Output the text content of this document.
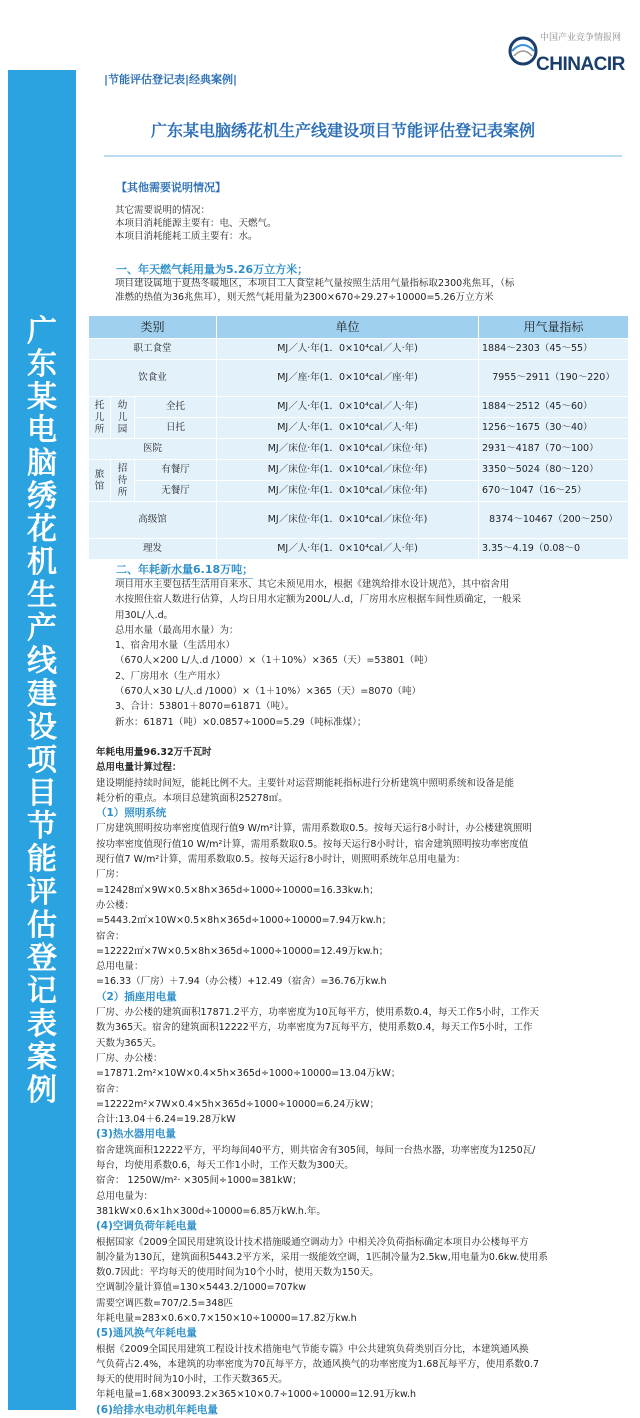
广
东
某
电
脑
绣
花
机
生
产
线
建
设
项
目
节
能
评
估
登
记
表
案
例
中国产业竞争情报网
CHINACIR
|节能评估登记表|经典案例|
广东某电脑绣花机生产线建设项目节能评估登记表案例
【其他需要说明情况】
其它需要说明的情况：
本项目消耗能源主要有：电、天燃气。
本项目消耗能耗工质主要有：水。
一、年天燃气耗用量为5.26万立方米；
项目建设属地于夏热冬暖地区，本项目工人食堂耗气量按照生活用气量指标取2300兆焦耳，（标
准燃的热值为36兆焦耳），则天然气耗用量为2300×670÷29.27÷10000=5.26万立方米
类别			单位	用气量指标
职工食堂			MJ／人·年(1．0×10⁴cal／人·年)	1884～2303（45～55）
饮食业			MJ／座·年(1．0×10⁴cal／座·年)	7955～2911（190～220）
托儿所	幼儿园	全托	MJ／人·年(1．0×10⁴cal／人·年)	1884～2512（45～60）
		日托	MJ／人·年(1．0×10⁴cal／人·年)	1256～1675（30～40）
医院			MJ／床位·年(1．0×10⁴cal／床位·年)	2931～4187（70～100）
旅馆	招待所	有餐厅	MJ／床位·年(1．0×10⁴cal／床位·年)	3350～5024（80～120）
		无餐厅	MJ／床位·年(1．0×10⁴cal／床位·年)	670～1047（16～25）
高级馆			MJ／床位·年(1．0×10⁴cal／床位·年)	8374～10467（200～250）
理发			MJ／人·年(1．0×10⁴cal／人·年)	3.35～4.19（0.08～0
二、年耗新水量6.18万吨；
项目用水主要包括生活用自来水、其它未预见用水，根据《建筑给排水设计规范》，其中宿舍用
水按照住宿人数进行估算，人均日用水定额为200L/人.d，厂房用水应根据车间性质确定，一般采
用30L/人.d。
总用水量（最高用水量）为：
1、宿舍用水量（生活用水）
（670人×200 L/人.d /1000）×（1＋10%）×365（天）=53801（吨）
2、厂房用水（生产用水）
（670人×30 L/人.d /1000）×（1＋10%）×365（天）=8070（吨）
3、合计：53801＋8070=61871（吨）。
新水：61871（吨）×0.0857÷1000=5.29（吨标准煤）；
年耗电用量96.32万千瓦时
总用电量计算过程：
建设期能持续时间短，能耗比例不大。主要针对运营期能耗指标进行分析建筑中照明系统和设备是能
耗分析的重点。本项目总建筑面积25278㎡。
（1）照明系统
厂房建筑照明按功率密度值现行值9 W/m²计算，需用系数取0.5。按每天运行8小时计，办公楼建筑照明
按功率密度值现行值10 W/m²计算，需用系数取0.5。按每天运行8小时计，宿舍建筑照明按功率密度值
现行值7 W/m²计算，需用系数取0.5。按每天运行8小时计，则照明系统年总用电量为：
厂房：
=12428㎡×9W×0.5×8h×365d÷1000÷10000=16.33kw.h；
办公楼：
=5443.2㎡×10W×0.5×8h×365d÷1000÷10000=7.94万kw.h；
宿舍：
=12222㎡×7W×0.5×8h×365d÷1000÷10000=12.49万kw.h；
总用电量：
=16.33（厂房）＋7.94（办公楼）+12.49（宿舍）=36.76万kw.h
（2）插座用电量
厂房、办公楼的建筑面积17871.2平方，功率密度为10瓦每平方，使用系数0.4，每天工作5小时，工作天
数为365天。宿舍的建筑面积12222平方，功率密度为7瓦每平方，使用系数0.4，每天工作5小时，工作
天数为365天。
厂房、办公楼：
=17871.2m²×10W×0.4×5h×365d÷1000÷10000=13.04万kW；
宿舍：
=12222m²×7W×0.4×5h×365d÷1000÷10000=6.24万kW；
合计:13.04＋6.24=19.28万kW
(3)热水器用电量
宿舍建筑面积12222平方，平均每间40平方，则共宿舍有305间，每间一台热水器，功率密度为1250瓦/
每台，均使用系数0.6，每天工作1小时，工作天数为300天。
宿舍： 1250W/m²· ×305间÷1000=381kW；
总用电量为：
381kW×0.6×1h×300d÷10000=6.85万kW.h.年。
(4)空调负荷年耗电量
根据国家《2009全国民用建筑设计技术措施暖通空调动力》中相关冷负荷指标确定本项目办公楼每平方
制冷量为130瓦，建筑面积5443.2平方米，采用一级能效空调，1匹制冷量为2.5kw,用电量为0.6kw.使用系
数0.7因此：平均每天的使用时间为10个小时，使用天数为150天。
空调制冷量计算值=130×5443.2/1000=707kw
需要空调匹数=707/2.5=348匹
年耗电量=283×0.6×0.7×150×10÷10000=17.82万kw.h
(5)通风换气年耗电量
根据《2009全国民用建筑工程设计技术措施电气节能专篇》中公共建筑负荷类别百分比，本建筑通风换
气负荷占2.4%，本建筑的功率密度为70瓦每平方，故通风换气的功率密度为1.68瓦每平方，使用系数0.7
每天的使用时间为10小时，工作天数365天。
年耗电量=1.68×30093.2×365×10×0.7÷1000÷10000=12.91万kw.h
(6)给排水电动机年耗电量
